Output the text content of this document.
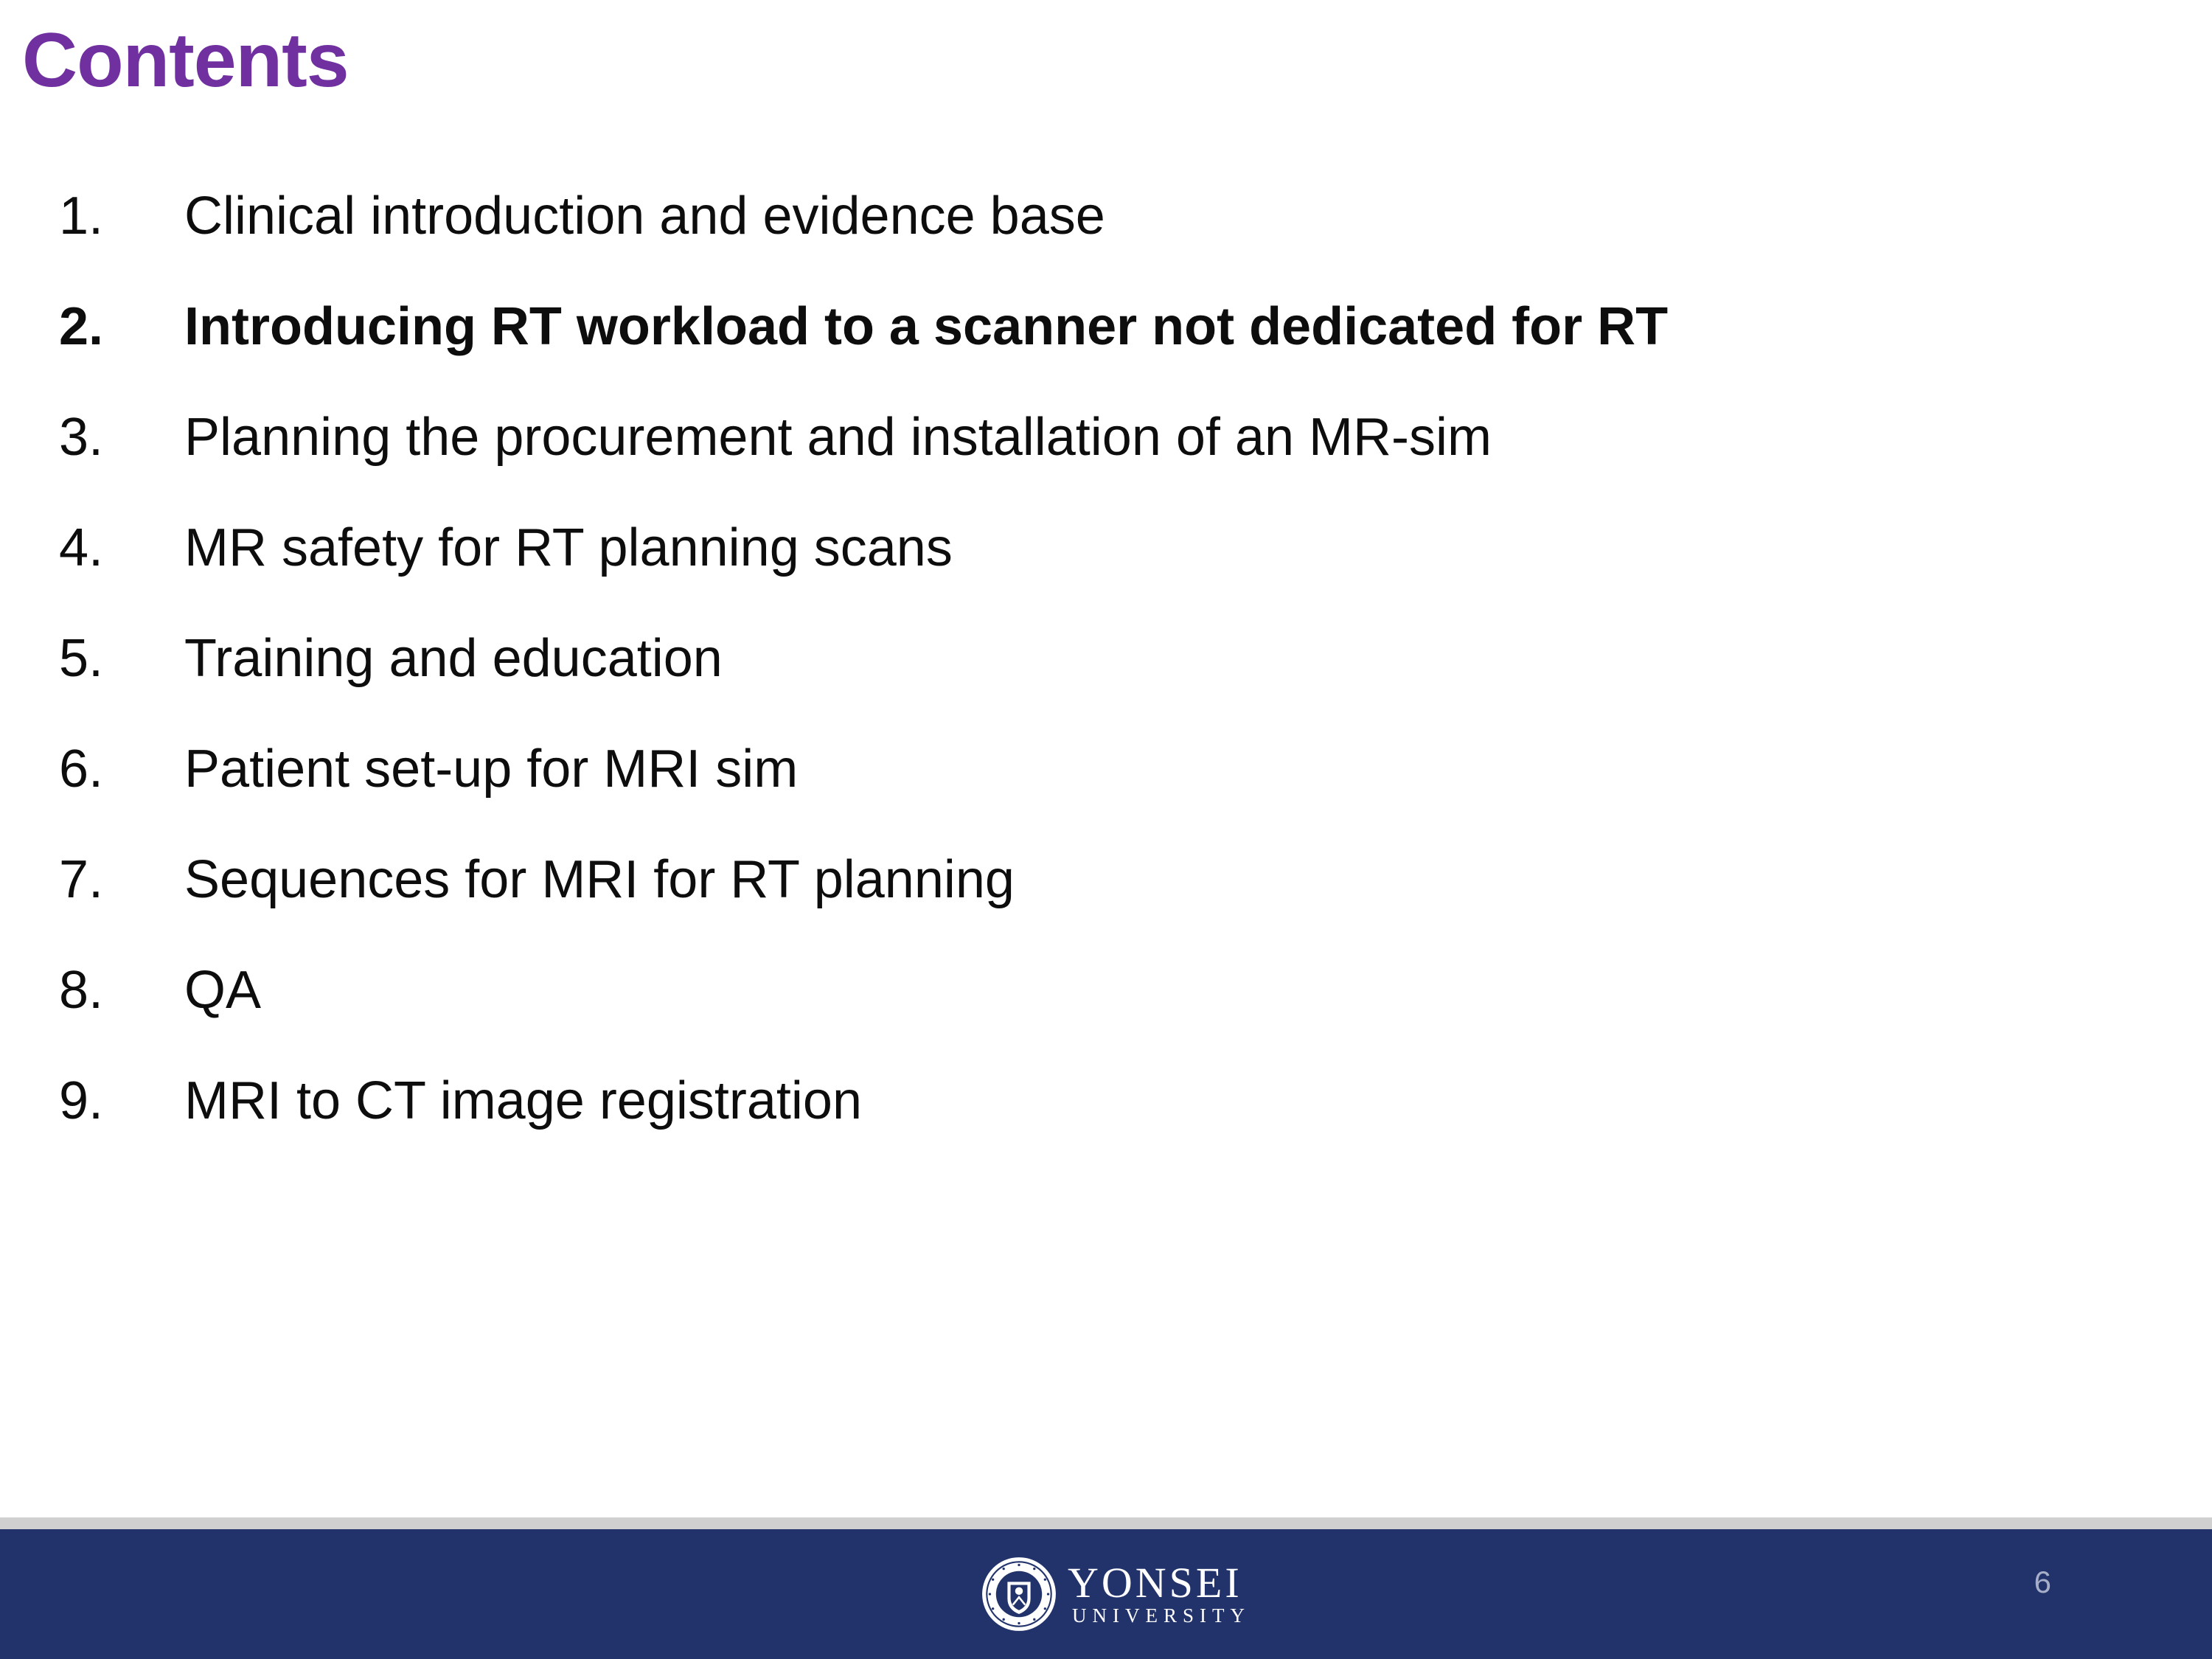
Contents
1.	Clinical introduction and evidence base
2.	Introducing RT workload to a scanner not dedicated for RT
3.	Planning the procurement and installation of an MR-sim
4.	MR safety for RT planning scans
5.	Training and education
6.	Patient set-up for MRI sim
7.	Sequences for MRI for RT planning
8.	QA
9.	MRI to CT image registration
YONSEI
UNIVERSITY
6
